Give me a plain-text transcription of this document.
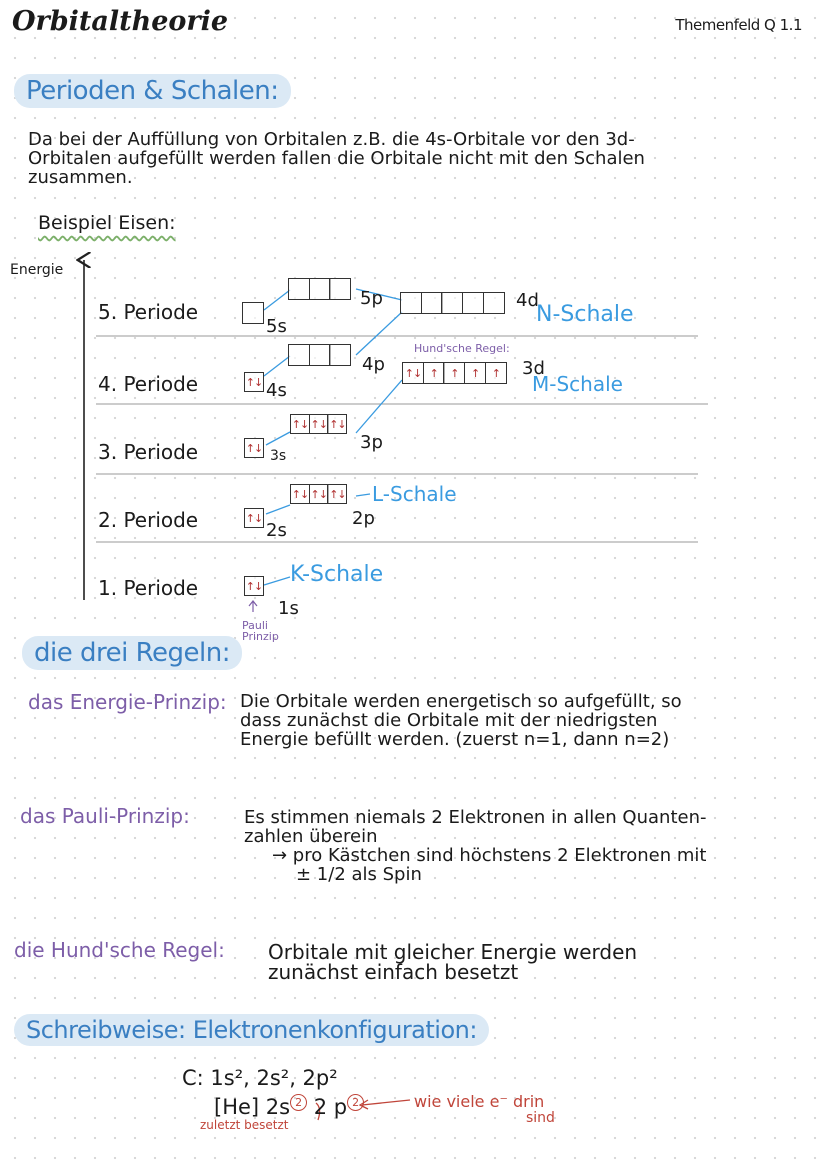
Orbitaltheorie	Themenfeld Q 1.1
Perioden & Schalen:
Da bei der Auffüllung von Orbitalen z.B. die 4s-Orbitale vor den 3d-
Orbitalen aufgefüllt werden fallen die Orbitale nicht mit den Schalen
zusammen.
Beispiel Eisen:
Energie
5. Periode
4. Periode
3. Periode
2. Periode
1. Periode
5s
5p	4d
↑↓ 4s
4p ↑↓ ↑	↑	↑	↑	3d
↑↓ 3s
↑↓ ↑↓ ↑↓
3p
↑↓
2s
↑↓ ↑↓ ↑↓
2p
↑↓
1s
N-Schale
M-Schale
L-Schale
K-Schale
Hund'sche Regel:
Pauli
Prinzip
die drei Regeln:
das Energie-Prinzip: Die Orbitale werden energetisch so aufgefüllt, so
dass zunächst die Orbitale mit der niedrigsten
Energie befüllt werden. (zuerst n=1, dann n=2)
das Pauli-Prinzip:	Es stimmen niemals 2 Elektronen in allen Quanten-
zahlen überein
→ pro Kästchen sind höchstens 2 Elektronen mit
± 1/2 als Spin
die Hund'sche Regel: Orbitale mit gleicher Energie werden
zunächst einfach besetzt
Schreibweise: Elektronenkonfiguration:
C: 1s², 2s², 2p²
[He] 2s 2 2 p 2	wie viele e⁻ drin
sind
zuletzt besetzt
